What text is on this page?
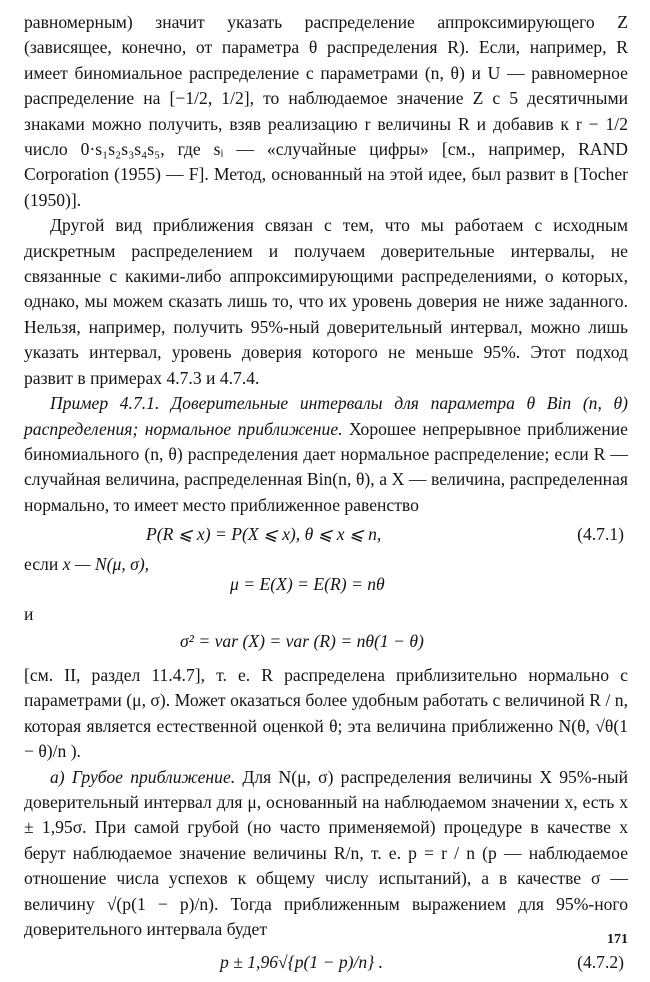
равномерным) значит указать распределение аппроксимирующего Z (зависящее, конечно, от параметра θ распределения R). Если, например, R имеет биномиальное распределение с параметрами (n, θ) и U — равномерное распределение на [−1/2, 1/2], то наблюдаемое значение Z с 5 десятичными знаками можно получить, взяв реализацию r величины R и добавив к r − 1/2 число 0·s₁s₂s₃s₄s₅, где sᵢ — «случайные цифры» [см., например, RAND Corporation (1955) — F]. Метод, основанный на этой идее, был развит в [Tocher (1950)].

Другой вид приближения связан с тем, что мы работаем с исходным дискретным распределением и получаем доверительные интервалы, не связанные с какими-либо аппроксимирующими распределениями, о которых, однако, мы можем сказать лишь то, что их уровень доверия не ниже заданного. Нельзя, например, получить 95%-ный доверительный интервал, можно лишь указать интервал, уровень доверия которого не меньше 95%. Этот подход развит в примерах 4.7.3 и 4.7.4.

Пример 4.7.1. Доверительные интервалы для параметра θ Bin (n, θ) распределения; нормальное приближение. Хорошее непрерывное приближение биномиального (n, θ) распределения дает нормальное распределение; если R — случайная величина, распределенная Bin(n, θ), а X — величина, распределенная нормально, то имеет место приближенное равенство

P(R ⩽ x) = P(X ⩽ x), θ ⩽ x ⩽ n,	(4.7.1)

если x — N(μ, σ),

μ = E(X) = E(R) = nθ

и

σ² = var (X) = var (R) = nθ(1 − θ)

[см. II, раздел 11.4.7], т. е. R распределена приблизительно нормально с параметрами (μ, σ). Может оказаться более удобным работать с величиной R / n, которая является естественной оценкой θ; эта величина приближенно N(θ, √θ(1 − θ)/n ).

а) Грубое приближение. Для N(μ, σ) распределения величины X 95%-ный доверительный интервал для μ, основанный на наблюдаемом значении x, есть x ± 1,95σ. При самой грубой (но часто применяемой) процедуре в качестве x берут наблюдаемое значение величины R/n, т. е. p = r / n (p — наблюдаемое отношение числа успехов к общему числу испытаний), а в качестве σ — величину √(p(1 − p)/n). Тогда приближенным выражением для 95%-ного доверительного интервала будет

p ± 1,96√{p(1 − p)/n} .	(4.7.2)
171
